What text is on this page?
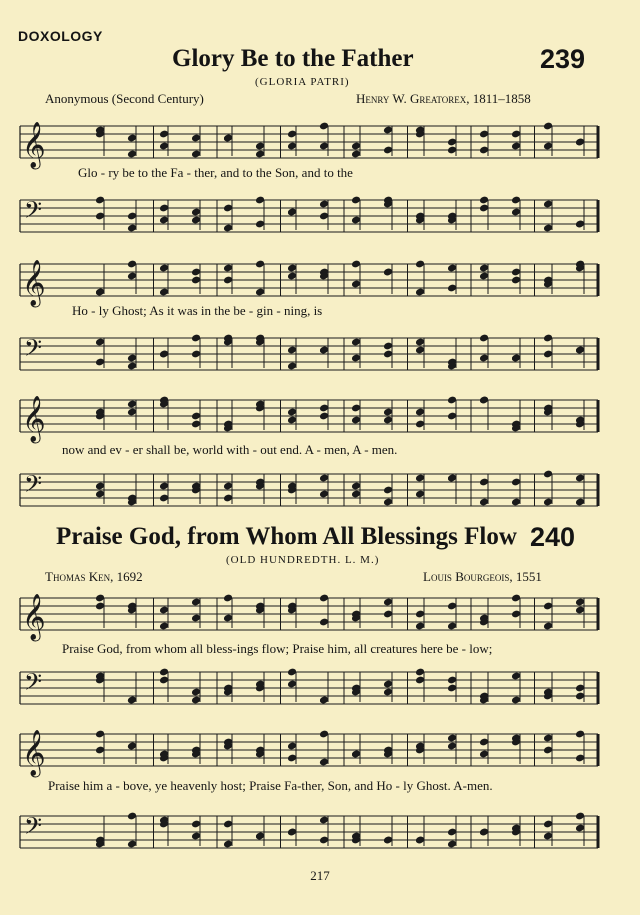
DOXOLOGY
Glory Be to the Father	239
(GLORIA PATRI)
Anonymous (Second Century)	Henry W. Greatorex, 1811–1858
𝄞
Glo - ry be to the Fa - ther, and to the Son, and to the
𝄢
𝄞
Ho - ly Ghost; As it was in the be - gin - ning, is
𝄢
𝄞
now and ev - er shall be, world with - out end. A - men, A - men.
𝄢
Praise God, from Whom All Blessings Flow 240
(OLD HUNDREDTH. L. M.)
Thomas Ken, 1692	Louis Bourgeois, 1551
𝄞
Praise God, from whom all bless-ings flow; Praise him, all creatures here be - low;
𝄢
𝄞
Praise him a - bove, ye heavenly host; Praise Fa-ther, Son, and Ho - ly Ghost. A-men.
𝄢
217
